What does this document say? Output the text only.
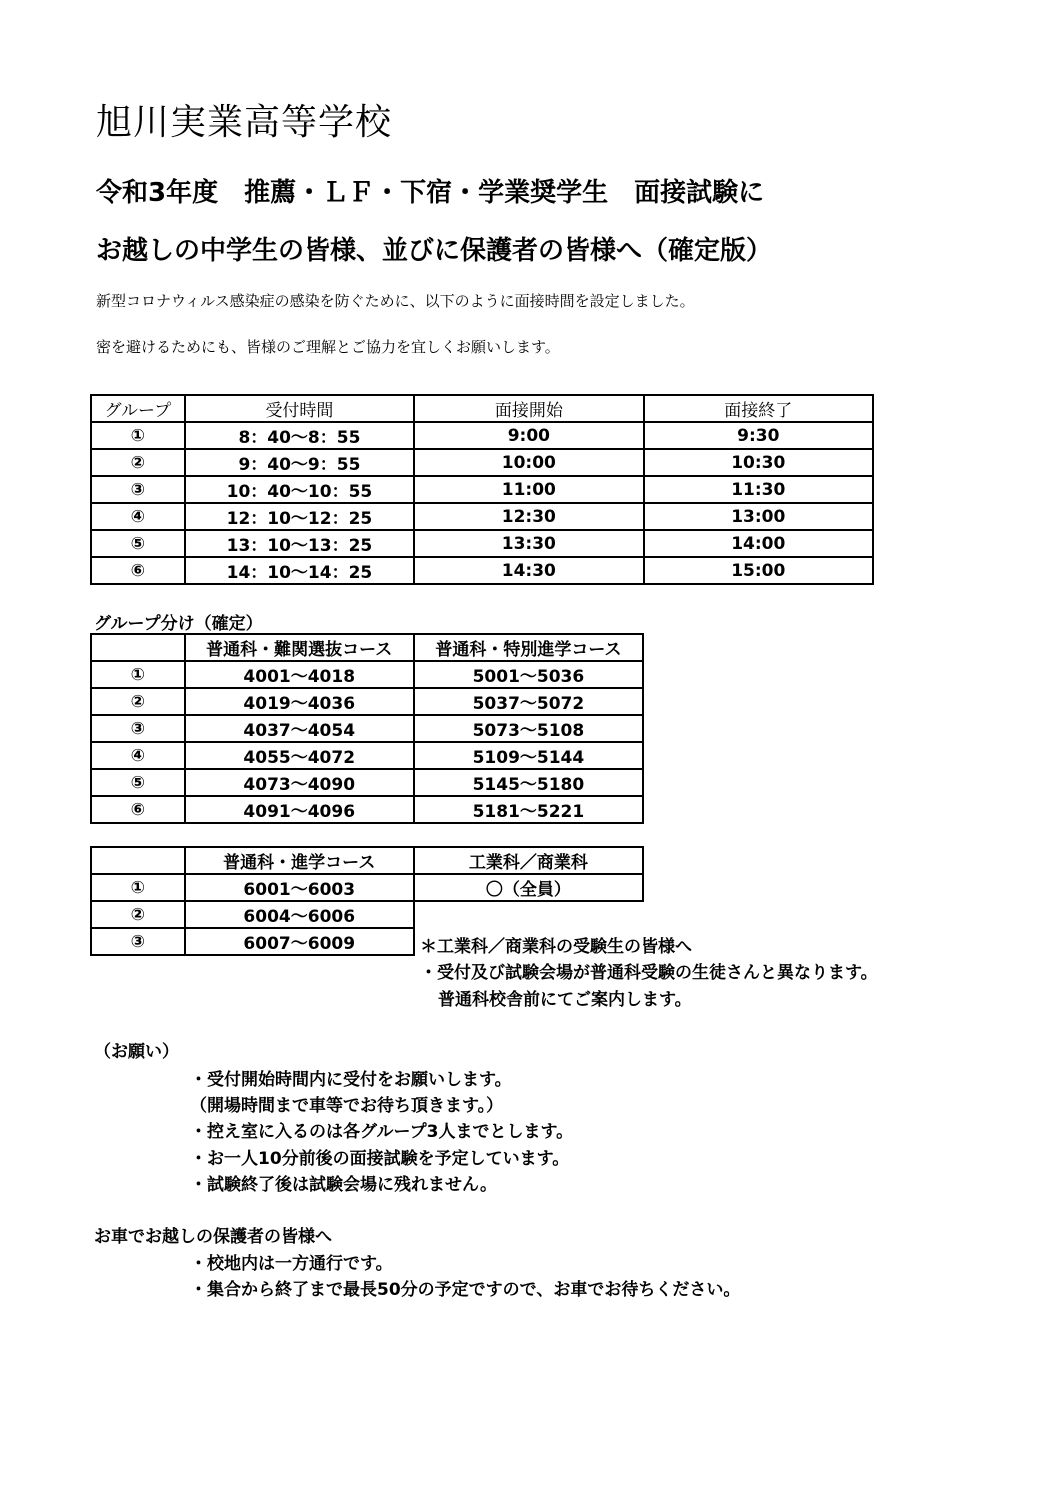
旭川実業高等学校
令和3年度　推薦・ＬＦ・下宿・学業奨学生　面接試験に
お越しの中学生の皆様、並びに保護者の皆様へ（確定版）
新型コロナウィルス感染症の感染を防ぐために、以下のように面接時間を設定しました。
密を避けるためにも、皆様のご理解とご協力を宜しくお願いします。
グループ	受付時間	面接開始	面接終了
①	8：40～8：55	9:00	9:30
②	9：40～9：55	10:00	10:30
③	10：40～10：55	11:00	11:30
④	12：10～12：25	12:30	13:00
⑤	13：10～13：25	13:30	14:00
⑥	14：10～14：25	14:30	15:00
グループ分け（確定）
	普通科・難関選抜コース	普通科・特別進学コース
①	4001～4018	5001～5036
②	4019～4036	5037～5072
③	4037～4054	5073～5108
④	4055～4072	5109～5144
⑤	4073～4090	5145～5180
⑥	4091～4096	5181～5221
	普通科・進学コース	工業科／商業科
①	6001～6003	〇（全員）
②	6004～6006	
③	6007～6009		＊工業科／商業科の受験生の皆様へ
・受付及び試験会場が普通科受験の生徒さんと異なります。
普通科校舎前にてご案内します。
（お願い）
・受付開始時間内に受付をお願いします。
（開場時間まで車等でお待ち頂きます。）
・控え室に入るのは各グループ3人までとします。
・お一人10分前後の面接試験を予定しています。
・試験終了後は試験会場に残れません。
お車でお越しの保護者の皆様へ
・校地内は一方通行です。
・集合から終了まで最長50分の予定ですので、お車でお待ちください。
